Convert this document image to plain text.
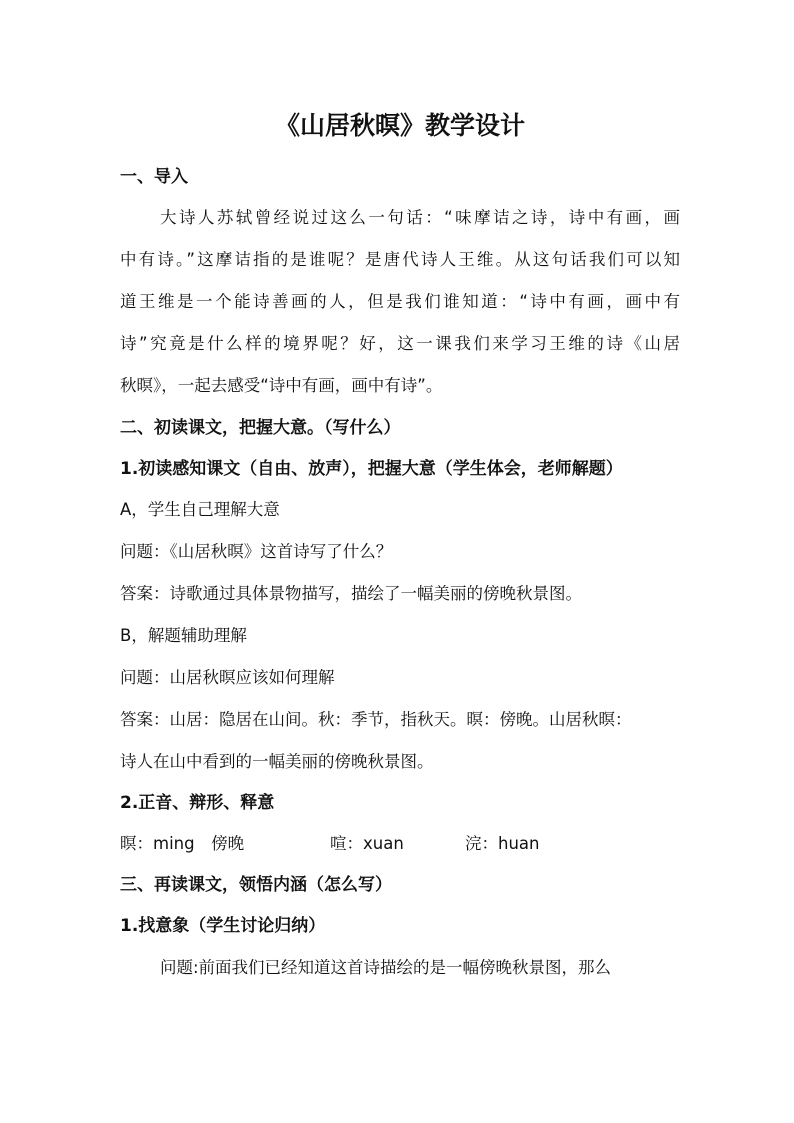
《山居秋暝》教学设计
一、导入
大诗人苏轼曾经说过这么一句话：“味摩诘之诗，诗中有画，画
中有诗。”这摩诘指的是谁呢？是唐代诗人王维。从这句话我们可以知
道王维是一个能诗善画的人，但是我们谁知道：“诗中有画，画中有
诗”究竟是什么样的境界呢？好，这一课我们来学习王维的诗《山居
秋暝》，一起去感受“诗中有画，画中有诗”。
二、初读课文，把握大意。（写什么）
1.初读感知课文（自由、放声），把握大意（学生体会，老师解题）
A，学生自己理解大意
问题：《山居秋暝》这首诗写了什么？
答案：诗歌通过具体景物描写，描绘了一幅美丽的傍晚秋景图。
B，解题辅助理解
问题：山居秋暝应该如何理解
答案：山居：隐居在山间。秋：季节，指秋天。暝：傍晚。山居秋暝：
诗人在山中看到的一幅美丽的傍晚秋景图。
2.正音、辩形、释意
暝：ming　傍晚	喧：xuan	浣：huan
三、再读课文，领悟内涵（怎么写）
1.找意象（学生讨论归纳）
问题:前面我们已经知道这首诗描绘的是一幅傍晚秋景图，那么
